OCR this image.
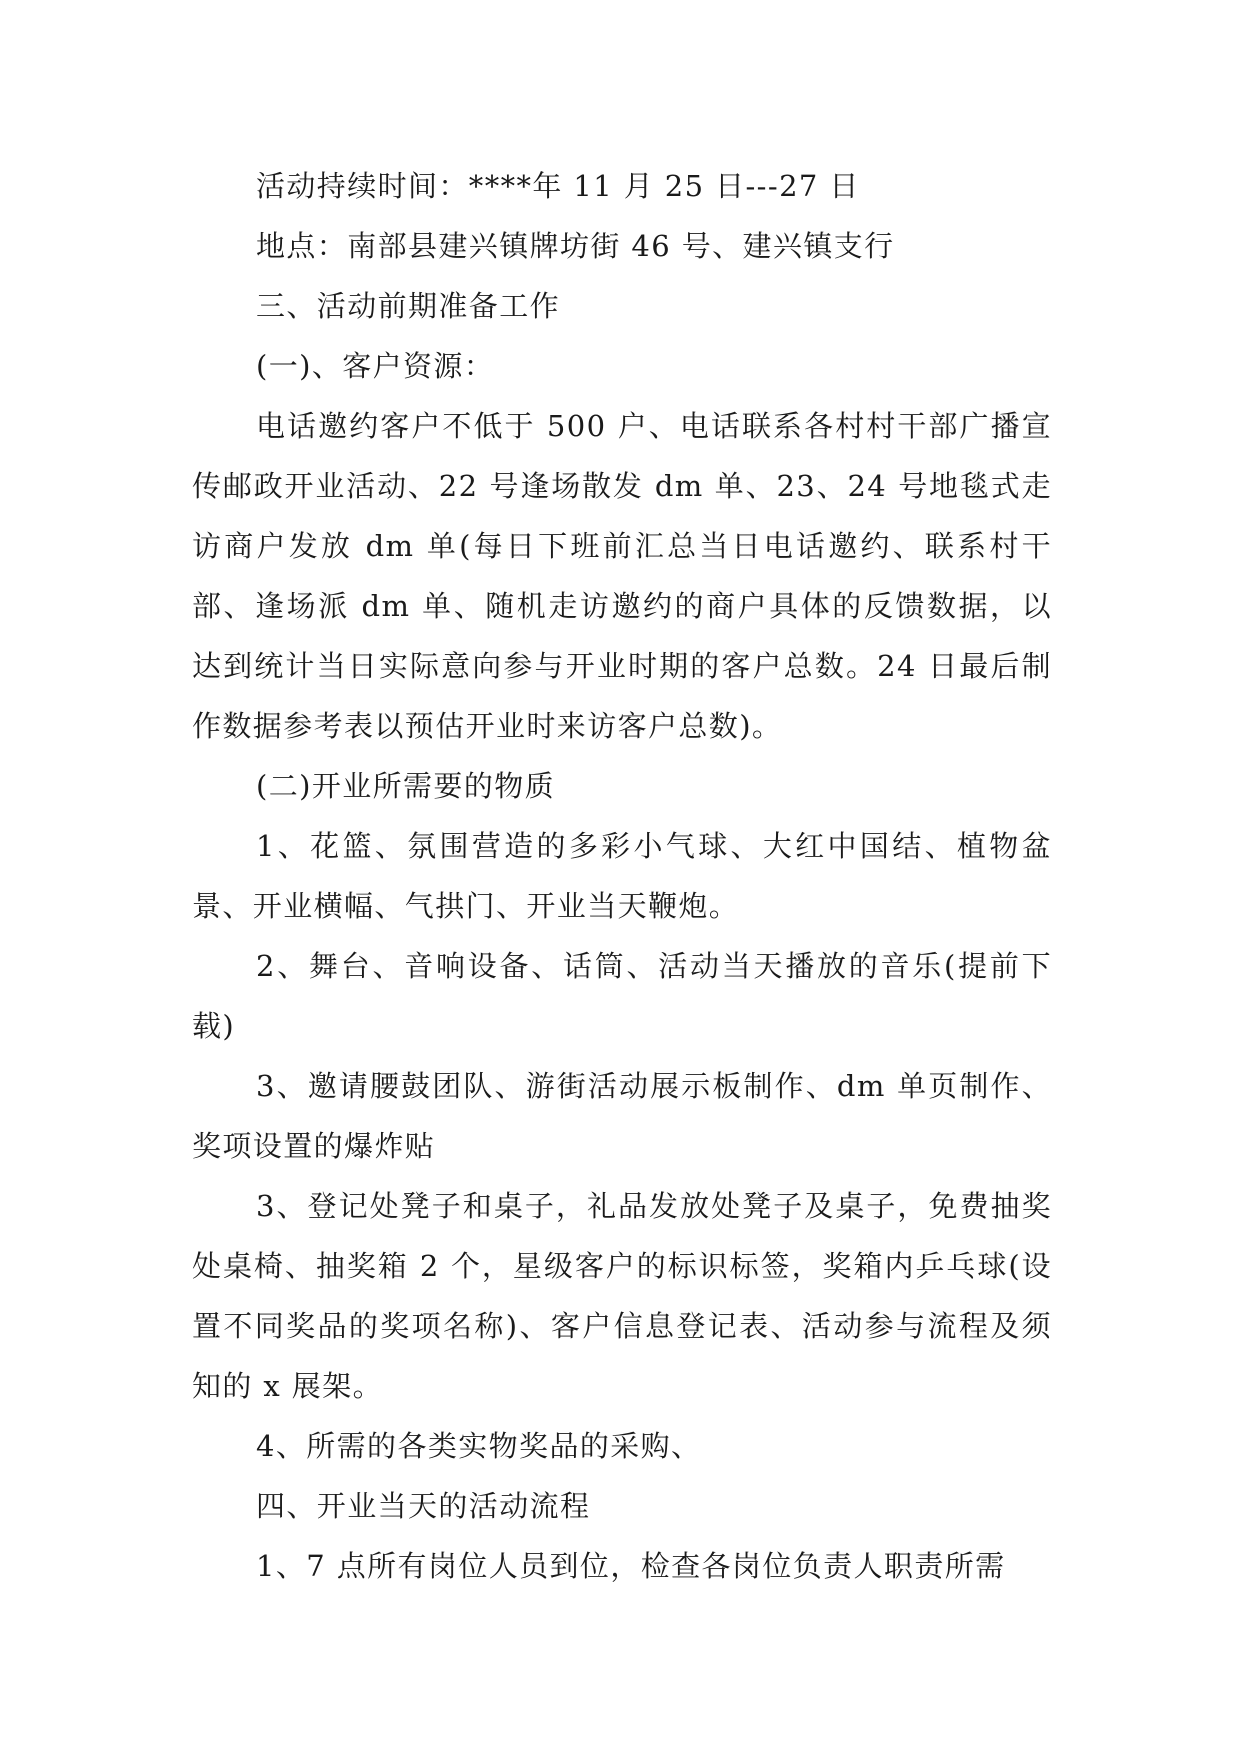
活动持续时间：****年 11 月 25 日---27 日

地点：南部县建兴镇牌坊街 46 号、建兴镇支行

三、活动前期准备工作

(一)、客户资源：

电话邀约客户不低于 500 户、电话联系各村村干部广播宣传邮政开业活动、22 号逢场散发 dm 单、23、24 号地毯式走访商户发放 dm 单(每日下班前汇总当日电话邀约、联系村干部、逢场派 dm 单、随机走访邀约的商户具体的反馈数据，以达到统计当日实际意向参与开业时期的客户总数。24 日最后制作数据参考表以预估开业时来访客户总数)。

(二)开业所需要的物质

1、花篮、氛围营造的多彩小气球、大红中国结、植物盆景、开业横幅、气拱门、开业当天鞭炮。

2、舞台、音响设备、话筒、活动当天播放的音乐(提前下载)

3、邀请腰鼓团队、游街活动展示板制作、dm 单页制作、奖项设置的爆炸贴

3、登记处凳子和桌子，礼品发放处凳子及桌子，免费抽奖处桌椅、抽奖箱 2 个，星级客户的标识标签，奖箱内乒乓球(设置不同奖品的奖项名称)、客户信息登记表、活动参与流程及须知的 x 展架。

4、所需的各类实物奖品的采购、

四、开业当天的活动流程

1、7 点所有岗位人员到位，检查各岗位负责人职责所需
